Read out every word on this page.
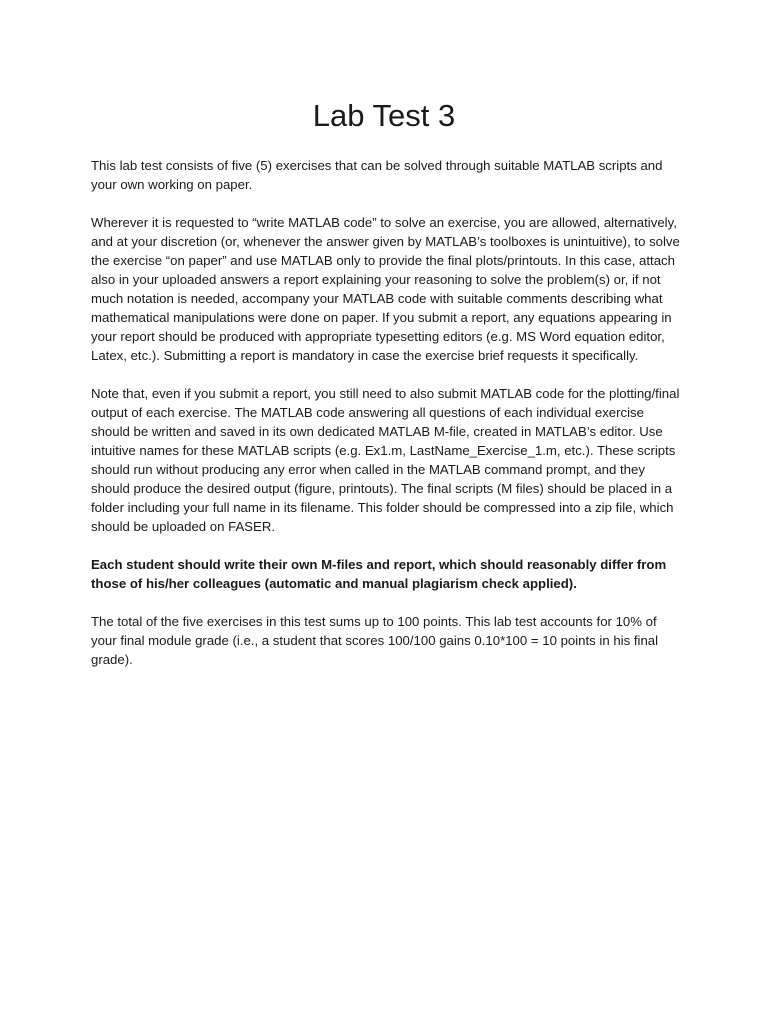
Lab Test 3

This lab test consists of five (5) exercises that can be solved through suitable MATLAB scripts and your own working on paper.

Wherever it is requested to “write MATLAB code” to solve an exercise, you are allowed, alternatively, and at your discretion (or, whenever the answer given by MATLAB’s toolboxes is unintuitive), to solve the exercise “on paper” and use MATLAB only to provide the final plots/printouts. In this case, attach also in your uploaded answers a report explaining your reasoning to solve the problem(s) or, if not much notation is needed, accompany your MATLAB code with suitable comments describing what mathematical manipulations were done on paper. If you submit a report, any equations appearing in your report should be produced with appropriate typesetting editors (e.g. MS Word equation editor, Latex, etc.). Submitting a report is mandatory in case the exercise brief requests it specifically.

Note that, even if you submit a report, you still need to also submit MATLAB code for the plotting/final output of each exercise. The MATLAB code answering all questions of each individual exercise should be written and saved in its own dedicated MATLAB M-file, created in MATLAB’s editor. Use intuitive names for these MATLAB scripts (e.g. Ex1.m, LastName_Exercise_1.m, etc.). These scripts should run without producing any error when called in the MATLAB command prompt, and they should produce the desired output (figure, printouts). The final scripts (M files) should be placed in a folder including your full name in its filename. This folder should be compressed into a zip file, which should be uploaded on FASER.

Each student should write their own M-files and report, which should reasonably differ from those of his/her colleagues (automatic and manual plagiarism check applied).

The total of the five exercises in this test sums up to 100 points. This lab test accounts for 10% of your final module grade (i.e., a student that scores 100/100 gains 0.10*100 = 10 points in his final grade).
